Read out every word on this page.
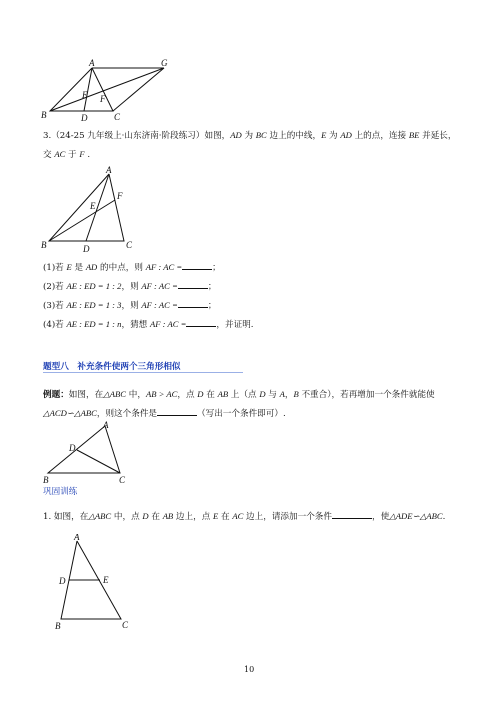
A	G
E F
B	D	C
3.（24-25 九年级上·山东济南·阶段练习）如图，AD 为 BC 边上的中线，E 为 AD 上的点，连接 BE 并延长，
交 AC 于 F .
A
F
E
B	D	C
(1)若 E 是 AD 的中点，则 AF : AC =	；
(2)若 AE : ED = 1 : 2，则 AF : AC =	；
(3)若 AE : ED = 1 : 3，则 AF : AC =	；
(4)若 AE : ED = 1 : n，猜想 AF : AC =	，并证明.
题型八　补充条件使两个三角形相似
例题：如图，在△ABC 中，AB > AC，点 D 在 AB 上（点 D 与 A，B 不重合），若再增加一个条件就能使
△ACD∽△ABC，则这个条件是	（写出一个条件即可）.
A
D
B	C
巩固训练
1. 如图，在△ABC 中，点 D 在 AB 边上，点 E 在 AC 边上，请添加一个条件	，使△ADE∽△ABC.
A
D	E
B	C
10
